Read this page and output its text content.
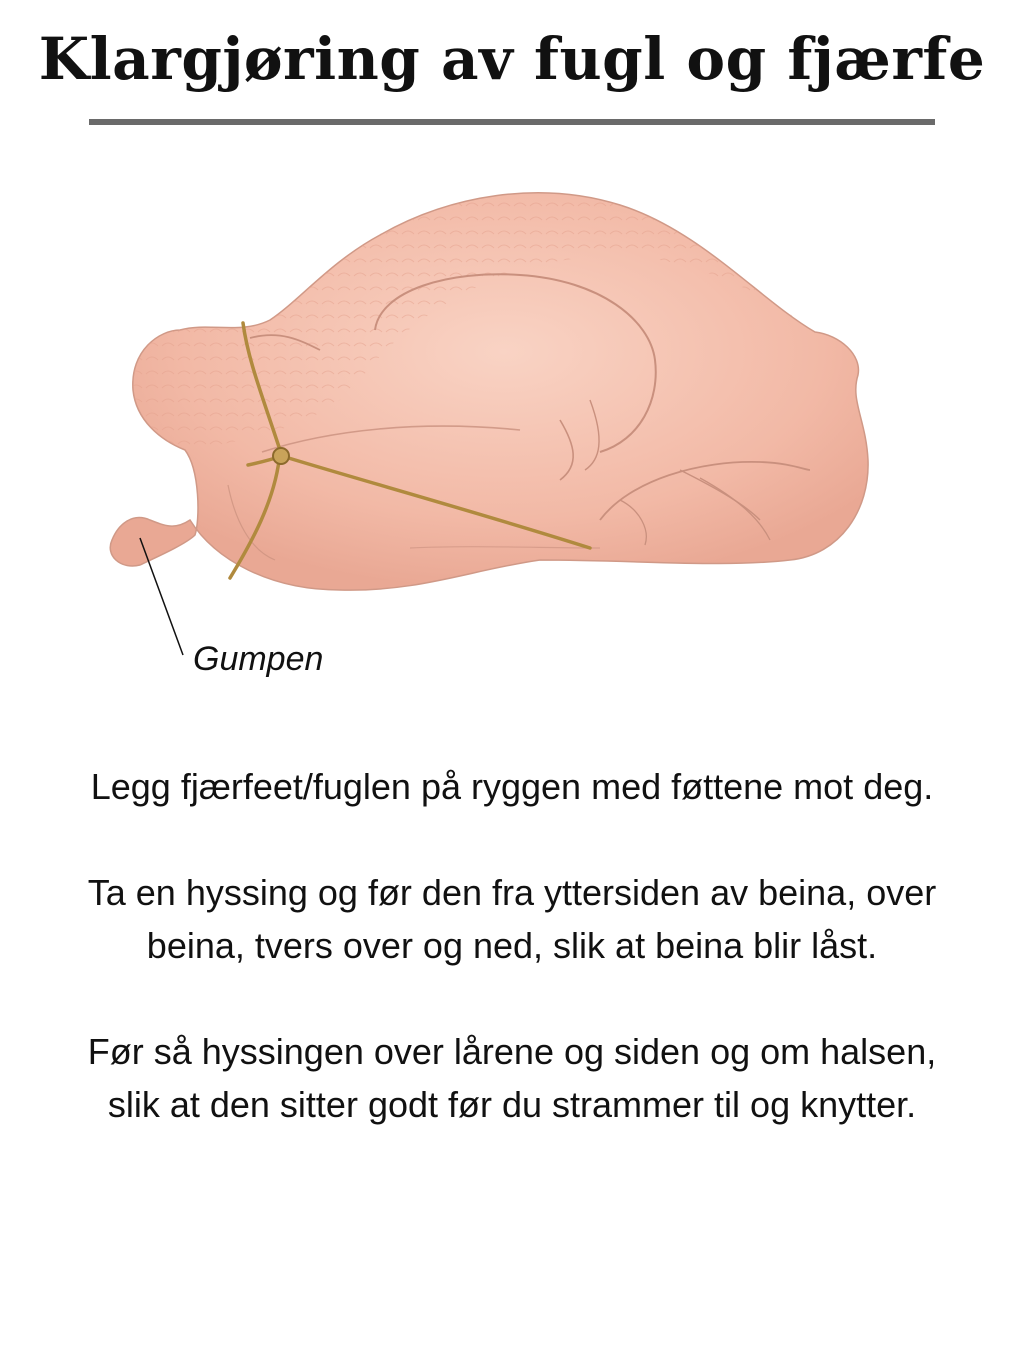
Klargjøring av fugl og fjærfe
Gumpen

Legg fjærfeet/fuglen på ryggen med føttene mot deg.

Ta en hyssing og før den fra yttersiden av beina, over beina, tvers over og ned, slik at beina blir låst.

Før så hyssingen over lårene og siden og om halsen, slik at den sitter godt før du strammer til og knytter.
